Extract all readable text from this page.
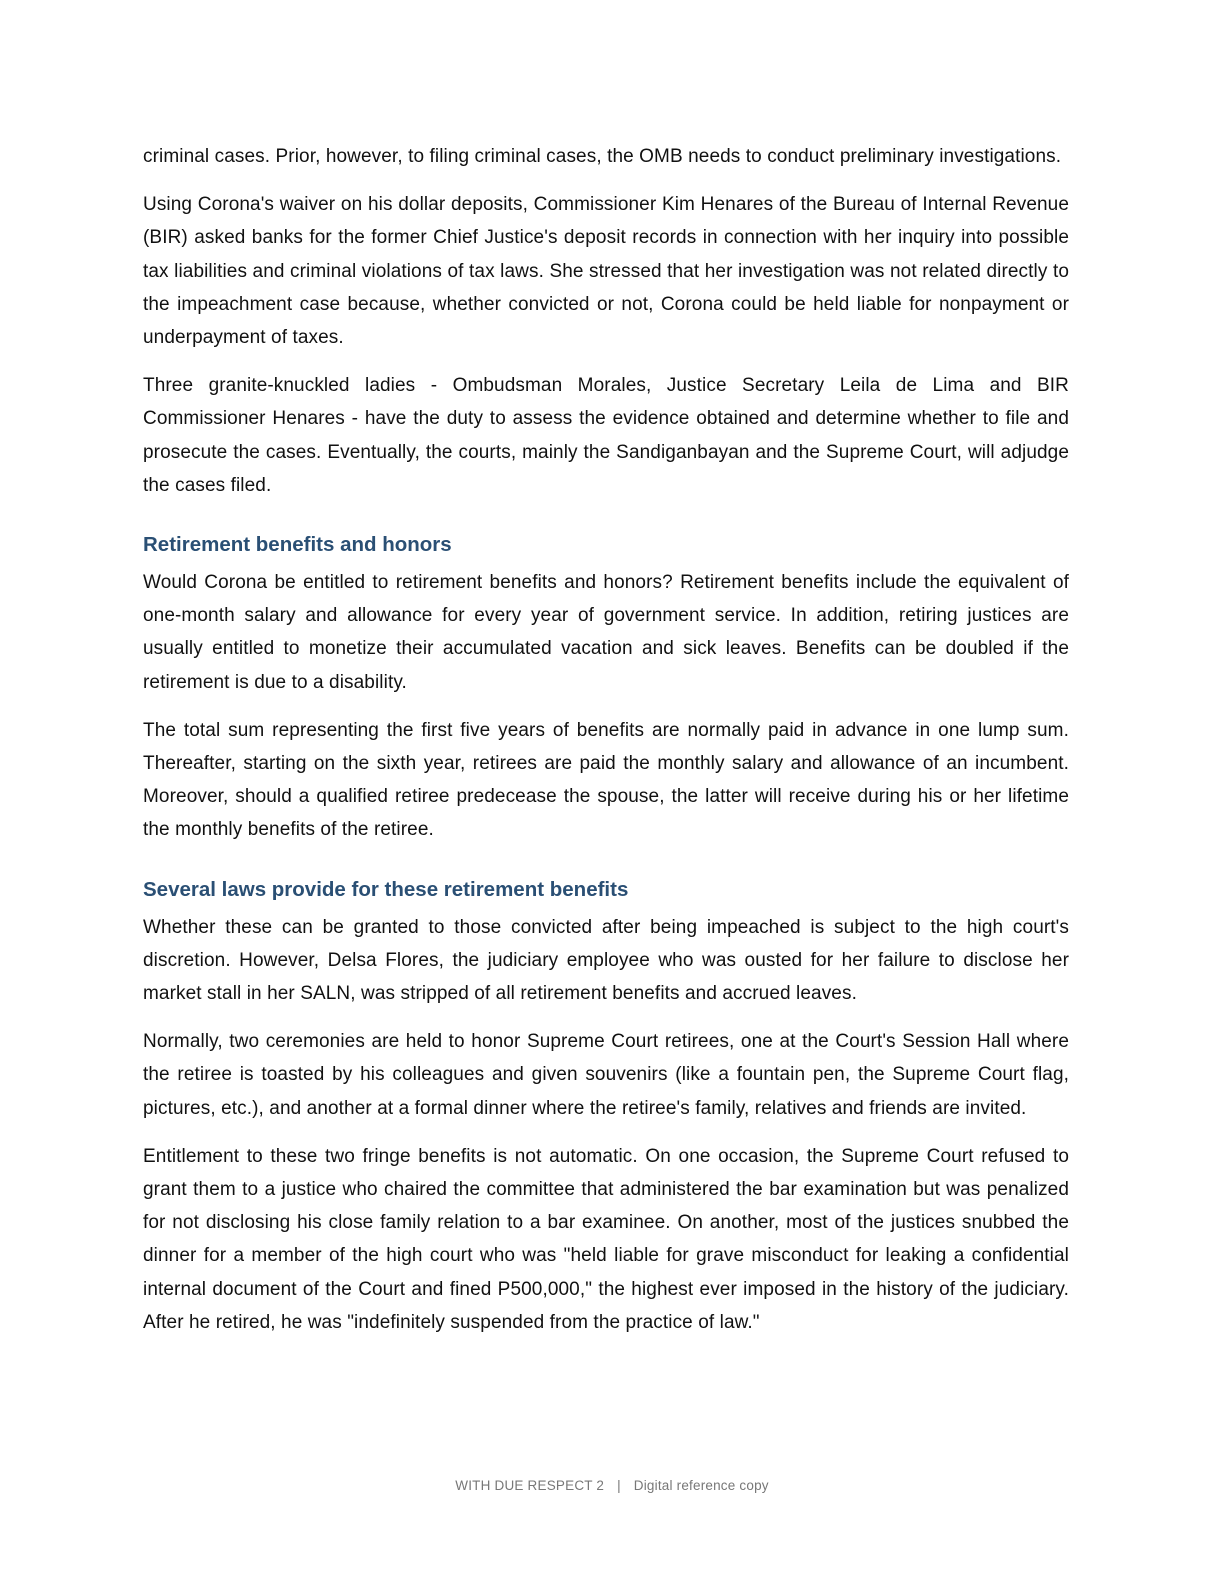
criminal cases. Prior, however, to filing criminal cases, the OMB needs to conduct preliminary investigations.

Using Corona's waiver on his dollar deposits, Commissioner Kim Henares of the Bureau of Internal Revenue (BIR) asked banks for the former Chief Justice's deposit records in connection with her inquiry into possible tax liabilities and criminal violations of tax laws. She stressed that her investigation was not related directly to the impeachment case because, whether convicted or not, Corona could be held liable for nonpayment or underpayment of taxes.

Three granite-knuckled ladies - Ombudsman Morales, Justice Secretary Leila de Lima and BIR Commissioner Henares - have the duty to assess the evidence obtained and determine whether to file and prosecute the cases. Eventually, the courts, mainly the Sandiganbayan and the Supreme Court, will adjudge the cases filed.

Retirement benefits and honors

Would Corona be entitled to retirement benefits and honors? Retirement benefits include the equivalent of one-month salary and allowance for every year of government service. In addition, retiring justices are usually entitled to monetize their accumulated vacation and sick leaves. Benefits can be doubled if the retirement is due to a disability.

The total sum representing the first five years of benefits are normally paid in advance in one lump sum. Thereafter, starting on the sixth year, retirees are paid the monthly salary and allowance of an incumbent. Moreover, should a qualified retiree predecease the spouse, the latter will receive during his or her lifetime the monthly benefits of the retiree.

Several laws provide for these retirement benefits

Whether these can be granted to those convicted after being impeached is subject to the high court's discretion. However, Delsa Flores, the judiciary employee who was ousted for her failure to disclose her market stall in her SALN, was stripped of all retirement benefits and accrued leaves.

Normally, two ceremonies are held to honor Supreme Court retirees, one at the Court's Session Hall where the retiree is toasted by his colleagues and given souvenirs (like a fountain pen, the Supreme Court flag, pictures, etc.), and another at a formal dinner where the retiree's family, relatives and friends are invited.

Entitlement to these two fringe benefits is not automatic. On one occasion, the Supreme Court refused to grant them to a justice who chaired the committee that administered the bar examination but was penalized for not disclosing his close family relation to a bar examinee. On another, most of the justices snubbed the dinner for a member of the high court who was "held liable for grave misconduct for leaking a confidential internal document of the Court and fined P500,000," the highest ever imposed in the history of the judiciary. After he retired, he was "indefinitely suspended from the practice of law."

WITH DUE RESPECT 2 | Digital reference copy
